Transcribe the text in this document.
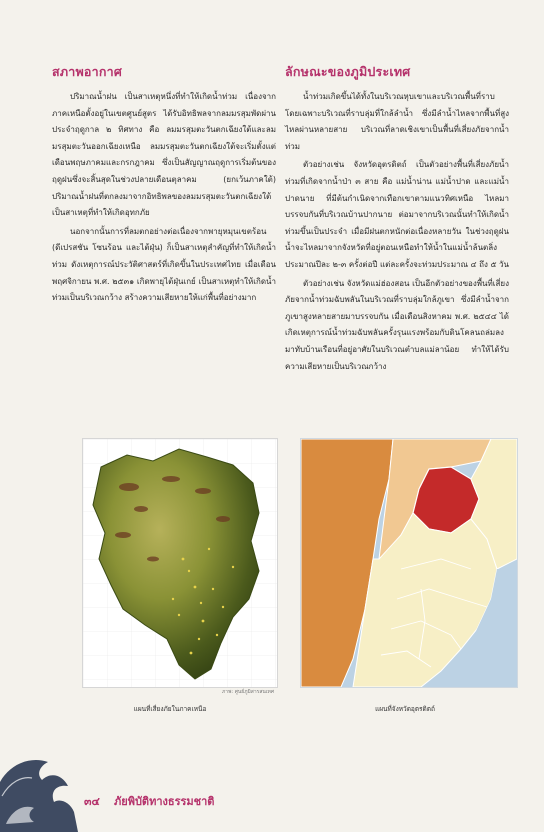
สภาพอากาศ

ปริมาณน้ำฝน เป็นสาเหตุหนึ่งที่ทำให้เกิดน้ำท่วม เนื่องจากภาคเหนือตั้งอยู่ในเขตศูนย์สูตร ได้รับอิทธิพลจากลมมรสุมพัดผ่านประจำฤดูกาล ๒ ทิศทาง คือ ลมมรสุมตะวันตกเฉียงใต้และลมมรสุมตะวันออกเฉียงเหนือ ลมมรสุมตะวันตกเฉียงใต้จะเริ่มตั้งแต่เดือนพฤษภาคมและกรกฎาคม ซึ่งเป็นสัญญาณฤดูการเริ่มต้นของฤดูฝนซึ่งจะสิ้นสุดในช่วงปลายเดือนตุลาคม (ยกเว้นภาคใต้) ปริมาณน้ำฝนที่ตกลงมาจากอิทธิพลของลมมรสุมตะวันตกเฉียงใต้เป็นสาเหตุที่ทำให้เกิดอุทกภัย

นอกจากนั้นการที่ลมตกอย่างต่อเนื่องจากพายุหมุนเขตร้อน (ดีเปรสชัน โซนร้อน และไต้ฝุ่น) ก็เป็นสาเหตุสำคัญที่ทำให้เกิดน้ำท่วม ดังเหตุการณ์ประวัติศาสตร์ที่เกิดขึ้นในประเทศไทย เมื่อเดือนพฤศจิกายน พ.ศ. ๒๕๓๑ เกิดพายุไต้ฝุ่นเกย์ เป็นสาเหตุทำให้เกิดน้ำท่วมเป็นบริเวณกว้าง สร้างความเสียหายให้แก่พื้นที่อย่างมาก

ลักษณะของภูมิประเทศ

น้ำท่วมเกิดขึ้นได้ทั้งในบริเวณหุบเขาและบริเวณพื้นที่ราบ โดยเฉพาะบริเวณที่ราบลุ่มที่ใกล้ลำน้ำ ซึ่งมีลำน้ำไหลจากพื้นที่สูงไหลผ่านหลายสาย บริเวณที่ลาดเชิงเขาเป็นพื้นที่เสี่ยงภัยจากน้ำท่วม

ตัวอย่างเช่น จังหวัดอุตรดิตถ์ เป็นตัวอย่างพื้นที่เสี่ยงภัยน้ำท่วมที่เกิดจากน้ำป่า ๓ สาย คือ แม่น้ำน่าน แม่น้ำปาด และแม่น้ำปาดนาย ที่มีต้นกำเนิดจากเทือกเขาตามแนวทิศเหนือ ไหลมาบรรจบกันที่บริเวณบ้านปากนาย ต่อมาจากบริเวณนั้นทำให้เกิดน้ำท่วมขึ้นเป็นประจำ เมื่อมีฝนตกหนักต่อเนื่องหลายวัน ในช่วงฤดูฝนน้ำจะไหลมาจากจังหวัดที่อยู่ตอนเหนือทำให้น้ำในแม่น้ำล้นตลิ่งประมาณปีละ ๒-๓ ครั้งต่อปี แต่ละครั้งจะท่วมประมาณ ๔ ถึง ๕ วัน

ตัวอย่างเช่น จังหวัดแม่ฮ่องสอน เป็นอีกตัวอย่างของพื้นที่เสี่ยงภัยจากน้ำท่วมฉับพลันในบริเวณที่ราบลุ่มใกล้ภูเขา ซึ่งมีลำน้ำจากภูเขาสูงหลายสายมาบรรจบกัน เมื่อเดือนสิงหาคม พ.ศ. ๒๕๔๔ ได้เกิดเหตุการณ์น้ำท่วมฉับพลันครั้งรุนแรงพร้อมกับดินโคลนถล่มลงมาทับบ้านเรือนที่อยู่อาศัยในบริเวณตำบลแม่ลาน้อย ทำให้ได้รับความเสียหายเป็นบริเวณกว้าง

ภาพ: ศูนย์ภูมิสารสนเทศ
แผนที่เสี่ยงภัยในภาคเหนือ	แผนที่จังหวัดอุตรดิตถ์
๓๔ ภัยพิบัติทางธรรมชาติ
